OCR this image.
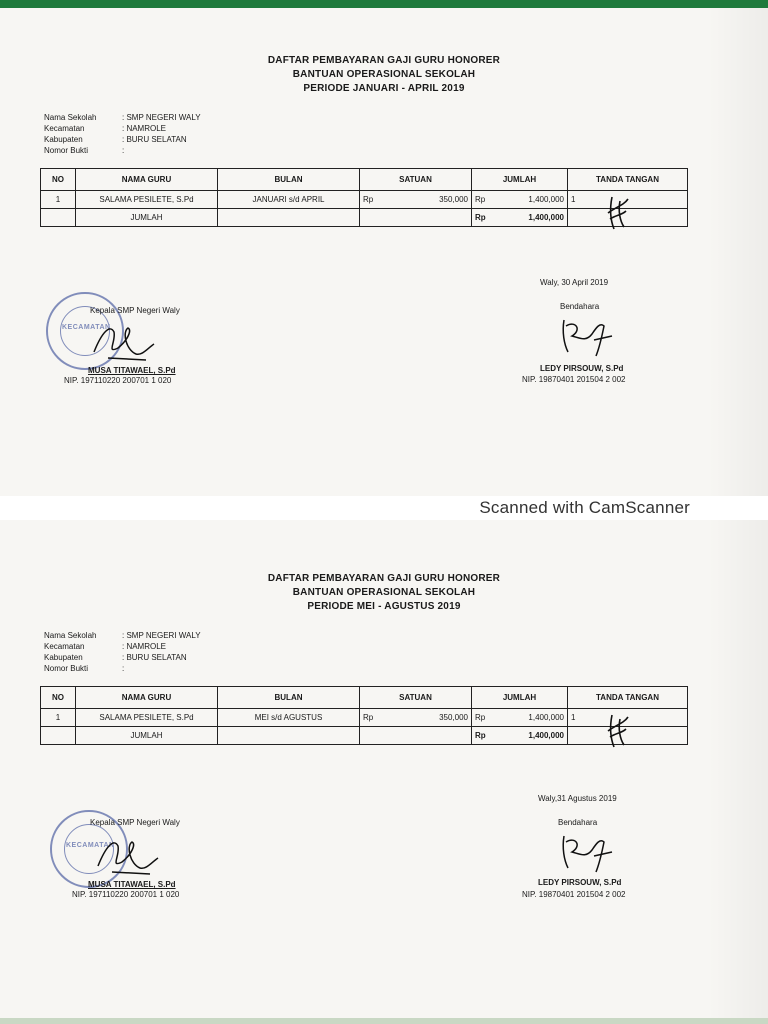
DAFTAR PEMBAYARAN GAJI GURU HONORER
BANTUAN OPERASIONAL SEKOLAH
PERIODE JANUARI - APRIL 2019
Nama Sekolah	: SMP NEGERI WALY
Kecamatan	: NAMROLE
Kabupaten	: BURU SELATAN
Nomor Bukti	:
NO	NAMA GURU	BULAN	SATUAN	JUMLAH	TANDA TANGAN
1	SALAMA PESILETE, S.Pd	JANUARI s/d APRIL	Rp 350,000	Rp 1,400,000	1

	JUMLAH			Rp 1,400,000	

Waly, 30 April 2019
Bendahara
LEDY PIRSOUW, S.Pd
NIP. 19870401 201504 2 002
KECAMATAN
Kepala SMP Negeri Waly
MUSA TITAWAEL, S.Pd
NIP. 197110220 200701 1 020
Scanned with CamScanner
DAFTAR PEMBAYARAN GAJI GURU HONORER
BANTUAN OPERASIONAL SEKOLAH
PERIODE MEI - AGUSTUS 2019
Nama Sekolah	: SMP NEGERI WALY
Kecamatan	: NAMROLE
Kabupaten	: BURU SELATAN
Nomor Bukti	:
NO	NAMA GURU	BULAN	SATUAN	JUMLAH	TANDA TANGAN
1	SALAMA PESILETE, S.Pd	MEI s/d AGUSTUS	Rp 350,000	Rp 1,400,000	1

	JUMLAH			Rp 1,400,000	

Waly,31 Agustus 2019
Bendahara
LEDY PIRSOUW, S.Pd
NIP. 19870401 201504 2 002
KECAMATAN
Kepala SMP Negeri Waly
MUSA TITAWAEL, S.Pd
NIP. 197110220 200701 1 020
